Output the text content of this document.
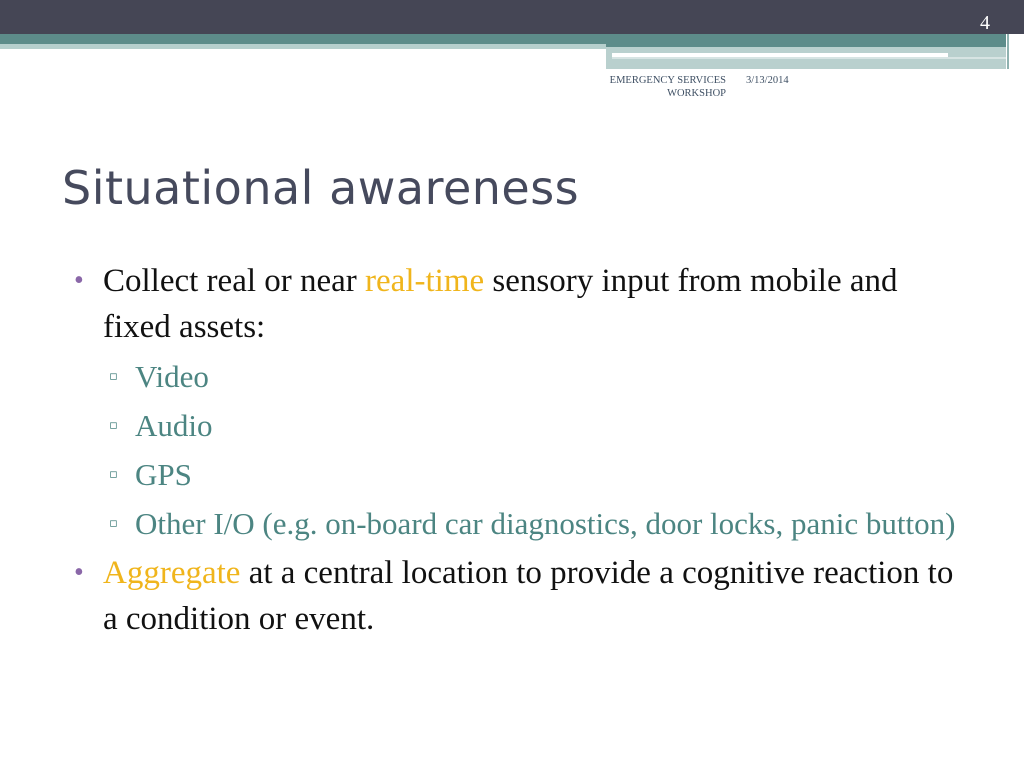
4
EMERGENCY SERVICES WORKSHOP
3/13/2014
Situational awareness
• Collect real or near real-time sensory input from mobile and fixed assets:
▫ Video
▫ Audio
▫ GPS
▫ Other I/O (e.g. on-board car diagnostics, door locks, panic button)
• Aggregate at a central location to provide a cognitive reaction to a condition or event.
